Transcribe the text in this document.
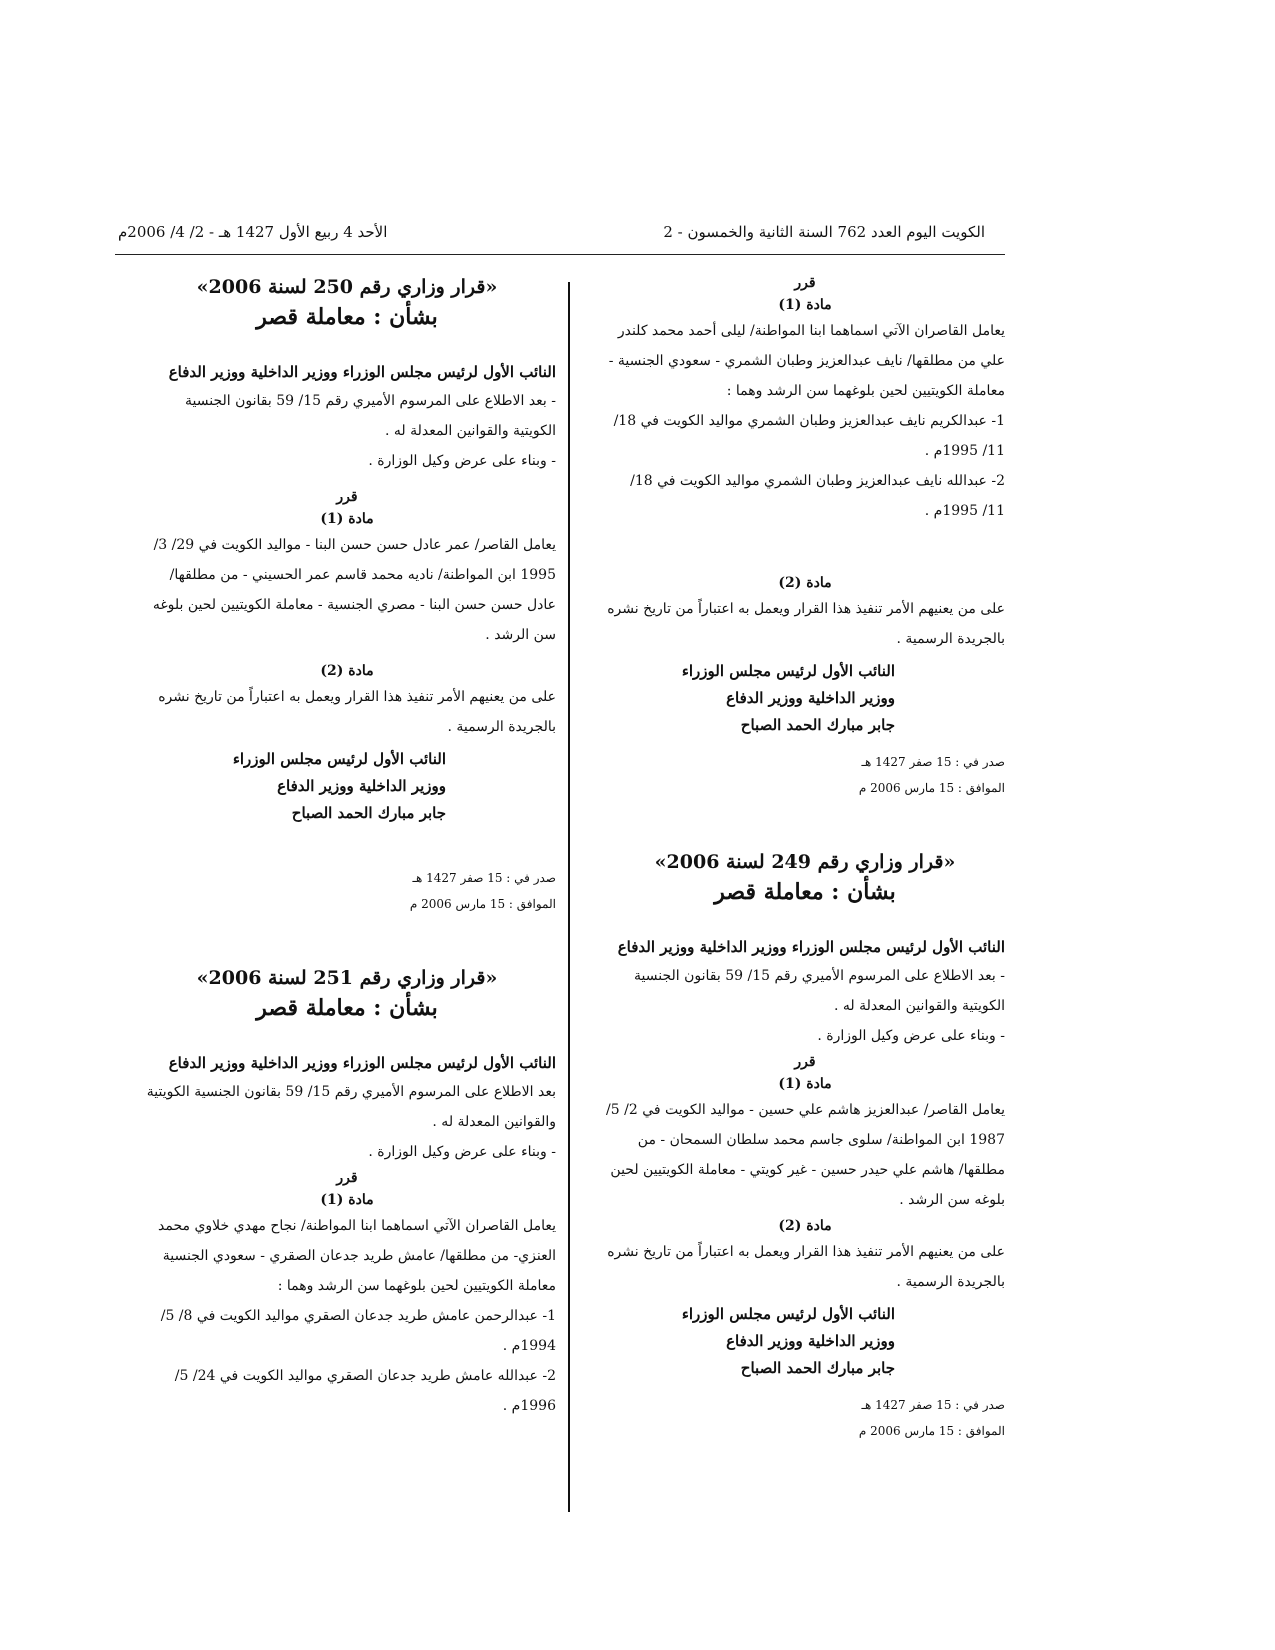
الكويت اليوم العدد 762 السنة الثانية والخمسون - 2
الأحد 4 ربيع الأول 1427 هـ - 2/ 4/ 2006م
قرر
مادة (1)
يعامل القاصران الآتي اسماهما ابنا المواطنة/ ليلى أحمد محمد كلندر علي من مطلقها/ نايف عبدالعزيز وطبان الشمري - سعودي الجنسية - معاملة الكويتيين لحين بلوغهما سن الرشد وهما :
1- عبدالكريم نايف عبدالعزيز وطبان الشمري مواليد الكويت في 18/ 11/ 1995م .
2- عبدالله نايف عبدالعزيز وطبان الشمري مواليد الكويت في 18/ 11/ 1995م .
مادة (2)
على من يعنيهم الأمر تنفيذ هذا القرار ويعمل به اعتباراً من تاريخ نشره بالجريدة الرسمية .
النائب الأول لرئيس مجلس الوزراء
ووزير الداخلية ووزير الدفاع
جابر مبارك الحمد الصباح
صدر في : 15 صفر 1427 هـ
الموافق : 15 مارس 2006 م
«قرار وزاري رقم 249 لسنة 2006»
بشأن : معاملة قصر
النائب الأول لرئيس مجلس الوزراء ووزير الداخلية ووزير الدفاع
- بعد الاطلاع على المرسوم الأميري رقم 15/ 59 بقانون الجنسية الكويتية والقوانين المعدلة له .
- وبناء على عرض وكيل الوزارة .
قرر
مادة (1)
يعامل القاصر/ عبدالعزيز هاشم علي حسين - مواليد الكويت في 2/ 5/ 1987 ابن المواطنة/ سلوى جاسم محمد سلطان السمحان - من مطلقها/ هاشم علي حيدر حسين - غير كويتي - معاملة الكويتيين لحين بلوغه سن الرشد .
مادة (2)
على من يعنيهم الأمر تنفيذ هذا القرار ويعمل به اعتباراً من تاريخ نشره بالجريدة الرسمية .
النائب الأول لرئيس مجلس الوزراء
ووزير الداخلية ووزير الدفاع
جابر مبارك الحمد الصباح
صدر في : 15 صفر 1427 هـ
الموافق : 15 مارس 2006 م
«قرار وزاري رقم 250 لسنة 2006»
بشأن : معاملة قصر
النائب الأول لرئيس مجلس الوزراء ووزير الداخلية ووزير الدفاع
- بعد الاطلاع على المرسوم الأميري رقم 15/ 59 بقانون الجنسية الكويتية والقوانين المعدلة له .
- وبناء على عرض وكيل الوزارة .
قرر
مادة (1)
يعامل القاصر/ عمر عادل حسن حسن البنا - مواليد الكويت في 29/ 3/ 1995 ابن المواطنة/ ناديه محمد قاسم عمر الحسيني - من مطلقها/ عادل حسن حسن البنا - مصري الجنسية - معاملة الكويتيين لحين بلوغه سن الرشد .
مادة (2)
على من يعنيهم الأمر تنفيذ هذا القرار ويعمل به اعتباراً من تاريخ نشره بالجريدة الرسمية .
النائب الأول لرئيس مجلس الوزراء
ووزير الداخلية ووزير الدفاع
جابر مبارك الحمد الصباح
صدر في : 15 صفر 1427 هـ
الموافق : 15 مارس 2006 م
«قرار وزاري رقم 251 لسنة 2006»
بشأن : معاملة قصر
النائب الأول لرئيس مجلس الوزراء ووزير الداخلية ووزير الدفاع
بعد الاطلاع على المرسوم الأميري رقم 15/ 59 بقانون الجنسية الكويتية والقوانين المعدلة له .
- وبناء على عرض وكيل الوزارة .
قرر
مادة (1)
يعامل القاصران الآتي اسماهما ابنا المواطنة/ نجاح مهدي خلاوي محمد العنزي- من مطلقها/ عامش طريد جدعان الصقري - سعودي الجنسية معاملة الكويتيين لحين بلوغهما سن الرشد وهما :
1- عبدالرحمن عامش طريد جدعان الصقري مواليد الكويت في 8/ 5/ 1994م .
2- عبدالله عامش طريد جدعان الصقري مواليد الكويت في 24/ 5/ 1996م .
